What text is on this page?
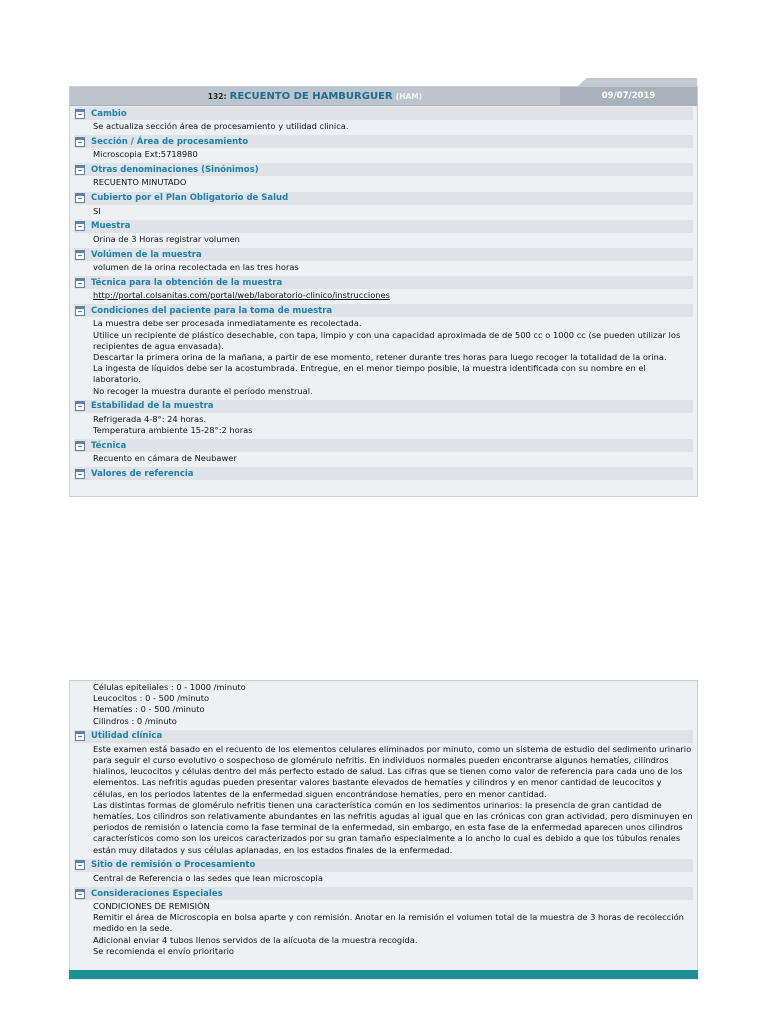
132: RECUENTO DE HAMBURGUER (HAM)	09/07/2019
Cambio
Se actualiza sección área de procesamiento y utilidad clinica.
Sección / Área de procesamiento
Microscopia Ext:5718980
Otras denominaciones (Sinónimos)
RECUENTO MINUTADO
Cubierto por el Plan Obligatorio de Salud
SI
Muestra
Orina de 3 Horas registrar volumen
Volúmen de la muestra
volumen de la orina recolectada en las tres horas
Técnica para la obtención de la muestra
http://portal.colsanitas.com/portal/web/laboratorio-clinico/instrucciones
Condiciones del paciente para la toma de muestra
La muestra debe ser procesada inmediatamente es recolectada.
Utilice un recipiente de plástico desechable, con tapa, limpio y con una capacidad aproximada de de 500 cc o 1000 cc (se pueden utilizar los recipientes de agua envasada).
Descartar la primera orina de la mañana, a partir de ese momento, retener durante tres horas para luego recoger la totalidad de la orina.
La ingesta de líquidos debe ser la acostumbrada. Entregue, en el menor tiempo posible, la muestra identificada con su nombre en el laboratorio.
No recoger la muestra durante el período menstrual.
Estabilidad de la muestra
Refrigerada 4-8°: 24 horas.
Temperatura ambiente 15-28°:2 horas
Técnica
Recuento en cámara de Neubawer
Valores de referencia
Células epiteliales : 0 - 1000 /minuto
Leucocitos : 0 - 500 /minuto
Hematíes : 0 - 500 /minuto
Cilindros : 0 /minuto
Utilidad clínica
Este examen está basado en el recuento de los elementos celulares eliminados por minuto, como un sistema de estudio del sedimento urinario para seguir el curso evolutivo o sospechoso de glomérulo nefritis. En individuos normales pueden encontrarse algunos hematíes, cilindros hialinos, leucocitos y células dentro del más perfecto estado de salud. Las cifras que se tienen como valor de referencia para cada uno de los elementos. Las nefritis agudas pueden presentar valores bastante elevados de hematíes y cilindros y en menor cantidad de leucocitos y células, en los periodos latentes de la enfermedad siguen encontrándose hematíes, pero en menor cantidad.
Las distintas formas de glomérulo nefritis tienen una característica común en los sedimentos urinarios: la presencia de gran cantidad de hematíes. Los cilindros son relativamente abundantes en las nefritis agudas al igual que en las crónicas con gran actividad, pero disminuyen en periodos de remisión o latencia como la fase terminal de la enfermedad, sin embargo, en esta fase de la enfermedad aparecen unos cilindros característicos como son los ureicos caracterizados por su gran tamaño especialmente a lo ancho lo cual es debido a que los túbulos renales están muy dilatados y sus células aplanadas, en los estados finales de la enfermedad.
Sitio de remisión o Procesamiento
Central de Referencia o las sedes que lean microscopia
Consideraciones Especiales
CONDICIONES DE REMISIÓN
Remitir el área de Microscopia en bolsa aparte y con remisión. Anotar en la remisión el volumen total de la muestra de 3 horas de recolección medido en la sede.
Adicional enviar 4 tubos llenos servidos de la alícuota de la muestra recogida.
Se recomienda el envío prioritario
